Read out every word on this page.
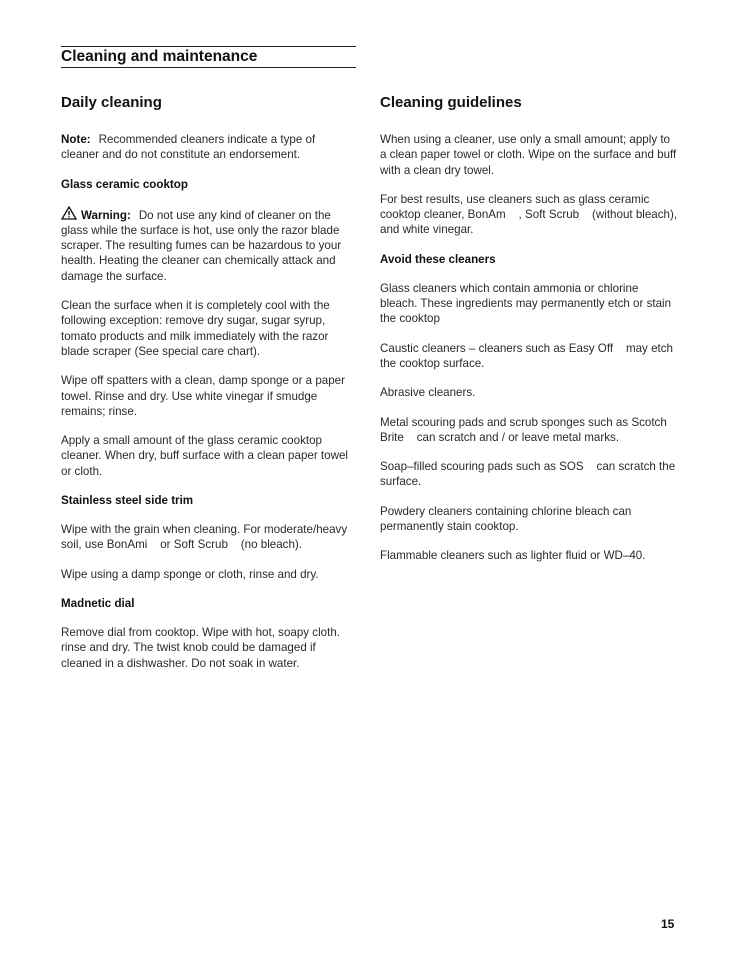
Cleaning and maintenance
Daily cleaning

Note: Recommended cleaners indicate a type of cleaner and do not constitute an endorsement.

Glass ceramic cooktop

Warning: Do not use any kind of cleaner on the glass while the surface is hot, use only the razor blade scraper. The resulting fumes can be hazardous to your health. Heating the cleaner can chemically attack and damage the surface.

Clean the surface when it is completely cool with the following exception: remove dry sugar, sugar syrup, tomato products and milk immediately with the razor blade scraper (See special care chart).

Wipe off spatters with a clean, damp sponge or a paper towel. Rinse and dry. Use white vinegar if smudge remains; rinse.

Apply a small amount of the glass ceramic cooktop cleaner. When dry, buff surface with a clean paper towel or cloth.

Stainless steel side trim

Wipe with the grain when cleaning. For moderate/heavy soil, use BonAmi    or Soft Scrub    (no bleach).

Wipe using a damp sponge or cloth, rinse and dry.

Madnetic dial

Remove dial from cooktop. Wipe with hot, soapy cloth. rinse and dry. The twist knob could be damaged if cleaned in a dishwasher. Do not soak in water.

Cleaning guidelines

When using a cleaner, use only a small amount; apply to a clean paper towel or cloth. Wipe on the surface and buff with a clean dry towel.

For best results, use cleaners such as glass ceramic cooktop cleaner, BonAm    , Soft Scrub    (without bleach), and white vinegar.

Avoid these cleaners

Glass cleaners which contain ammonia or chlorine bleach. These ingredients may permanently etch or stain the cooktop

Caustic cleaners – cleaners such as Easy Off    may etch the cooktop surface.

Abrasive cleaners.

Metal scouring pads and scrub sponges such as Scotch Brite    can scratch and / or leave metal marks.

Soap–filled scouring pads such as SOS    can scratch the surface.

Powdery cleaners containing chlorine bleach can permanently stain cooktop.

Flammable cleaners such as lighter fluid or WD–40.

15
